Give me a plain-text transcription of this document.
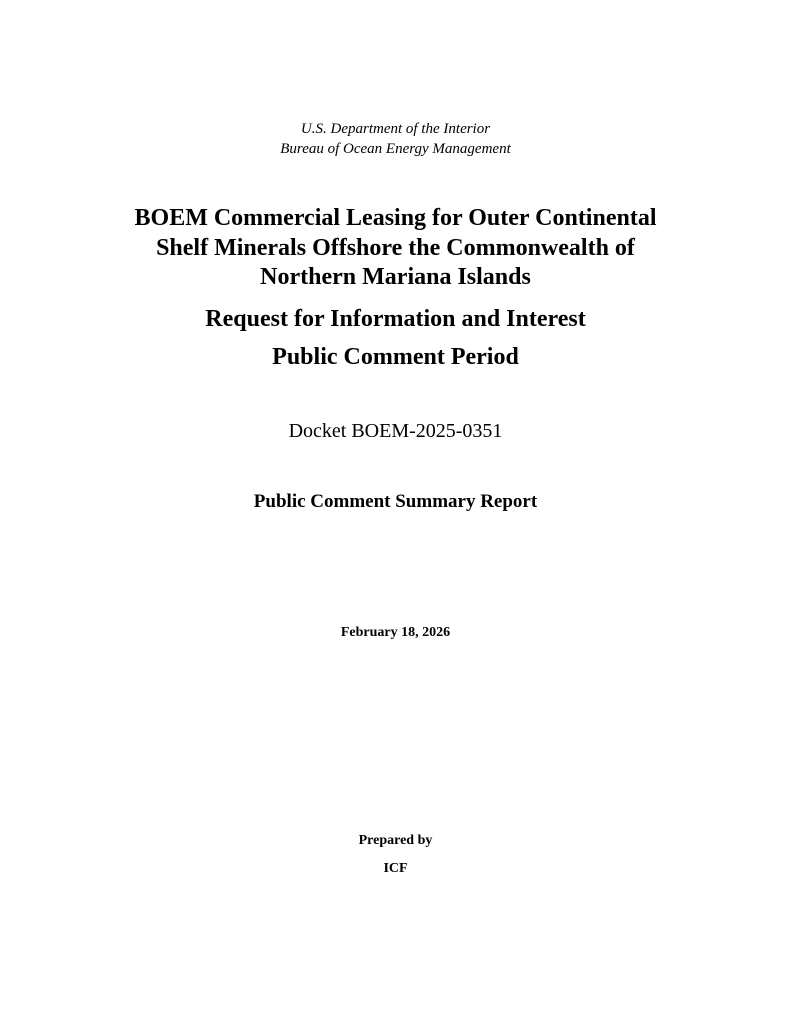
U.S. Department of the Interior
Bureau of Ocean Energy Management
BOEM Commercial Leasing for Outer Continental
Shelf Minerals Offshore the Commonwealth of
Northern Mariana Islands
Request for Information and Interest
Public Comment Period
Docket BOEM-2025-0351
Public Comment Summary Report
February 18, 2026
Prepared by
ICF
